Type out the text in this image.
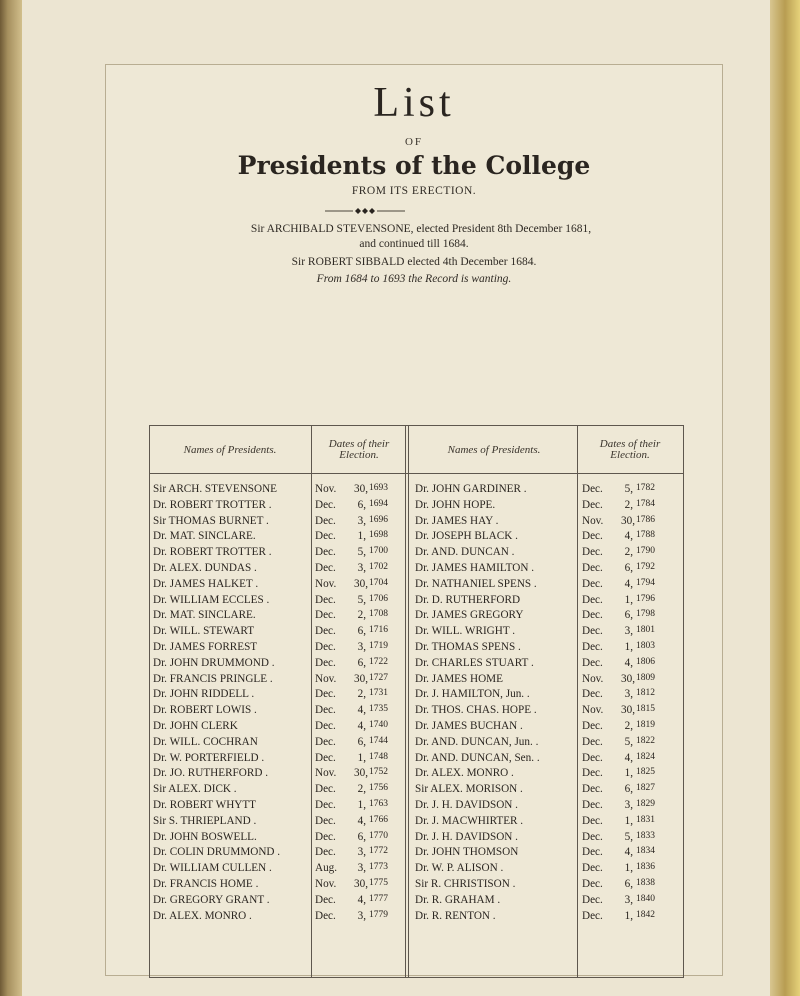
List
OF
Presidents of the College
FROM ITS ERECTION.
Sir ARCHIBALD STEVENSONE, elected President 8th December 1681,
and continued till 1684.
Sir ROBERT SIBBALD elected 4th December 1684.
From 1684 to 1693 the Record is wanting.
Names of Presidents.	Dates of their Election.	Names of Presidents.	Dates of their Election.
Sir ARCH. STEVENSONE	Nov. 30, 1693 Dr. JOHN GARDINER .	Dec.	5, 1782
Dr. ROBERT TROTTER .	Dec.	6, 1694 Dr. JOHN HOPE.	Dec.	2, 1784
Sir THOMAS BURNET .	Dec.	3, 1696 Dr. JAMES HAY .	Nov. 30, 1786
Dr. MAT. SINCLARE.	Dec.	1, 1698 Dr. JOSEPH BLACK .	Dec.	4, 1788
Dr. ROBERT TROTTER .	Dec.	5, 1700 Dr. AND. DUNCAN .	Dec.	2, 1790
Dr. ALEX. DUNDAS .	Dec.	3, 1702 Dr. JAMES HAMILTON .	Dec.	6, 1792
Dr. JAMES HALKET .	Nov. 30, 1704 Dr. NATHANIEL SPENS .	Dec.	4, 1794
Dr. WILLIAM ECCLES .	Dec.	5, 1706 Dr. D. RUTHERFORD	Dec.	1, 1796
Dr. MAT. SINCLARE.	Dec.	2, 1708 Dr. JAMES GREGORY	Dec.	6, 1798
Dr. WILL. STEWART	Dec.	6, 1716 Dr. WILL. WRIGHT .	Dec.	3, 1801
Dr. JAMES FORREST	Dec.	3, 1719 Dr. THOMAS SPENS .	Dec.	1, 1803
Dr. JOHN DRUMMOND .	Dec.	6, 1722 Dr. CHARLES STUART .	Dec.	4, 1806
Dr. FRANCIS PRINGLE .	Nov. 30, 1727 Dr. JAMES HOME	Nov. 30, 1809
Dr. JOHN RIDDELL .	Dec.	2, 1731 Dr. J. HAMILTON, Jun. .	Dec.	3, 1812
Dr. ROBERT LOWIS .	Dec.	4, 1735 Dr. THOS. CHAS. HOPE .	Nov. 30, 1815
Dr. JOHN CLERK	Dec.	4, 1740 Dr. JAMES BUCHAN .	Dec.	2, 1819
Dr. WILL. COCHRAN	Dec.	6, 1744 Dr. AND. DUNCAN, Jun. .	Dec.	5, 1822
Dr. W. PORTERFIELD .	Dec.	1, 1748 Dr. AND. DUNCAN, Sen. .	Dec.	4, 1824
Dr. JO. RUTHERFORD .	Nov. 30, 1752 Dr. ALEX. MONRO .	Dec.	1, 1825
Sir ALEX. DICK .	Dec.	2, 1756 Sir ALEX. MORISON .	Dec.	6, 1827
Dr. ROBERT WHYTT	Dec.	1, 1763 Dr. J. H. DAVIDSON .	Dec.	3, 1829
Sir S. THRIEPLAND .	Dec.	4, 1766 Dr. J. MACWHIRTER .	Dec.	1, 1831
Dr. JOHN BOSWELL.	Dec.	6, 1770 Dr. J. H. DAVIDSON .	Dec.	5, 1833
Dr. COLIN DRUMMOND .	Dec.	3, 1772 Dr. JOHN THOMSON	Dec.	4, 1834
Dr. WILLIAM CULLEN .	Aug.	3, 1773 Dr. W. P. ALISON .	Dec.	1, 1836
Dr. FRANCIS HOME .	Nov. 30, 1775 Sir R. CHRISTISON .	Dec.	6, 1838
Dr. GREGORY GRANT .	Dec.	4, 1777 Dr. R. GRAHAM .	Dec.	3, 1840
Dr. ALEX. MONRO .	Dec.	3, 1779 Dr. R. RENTON .	Dec.	1, 1842
